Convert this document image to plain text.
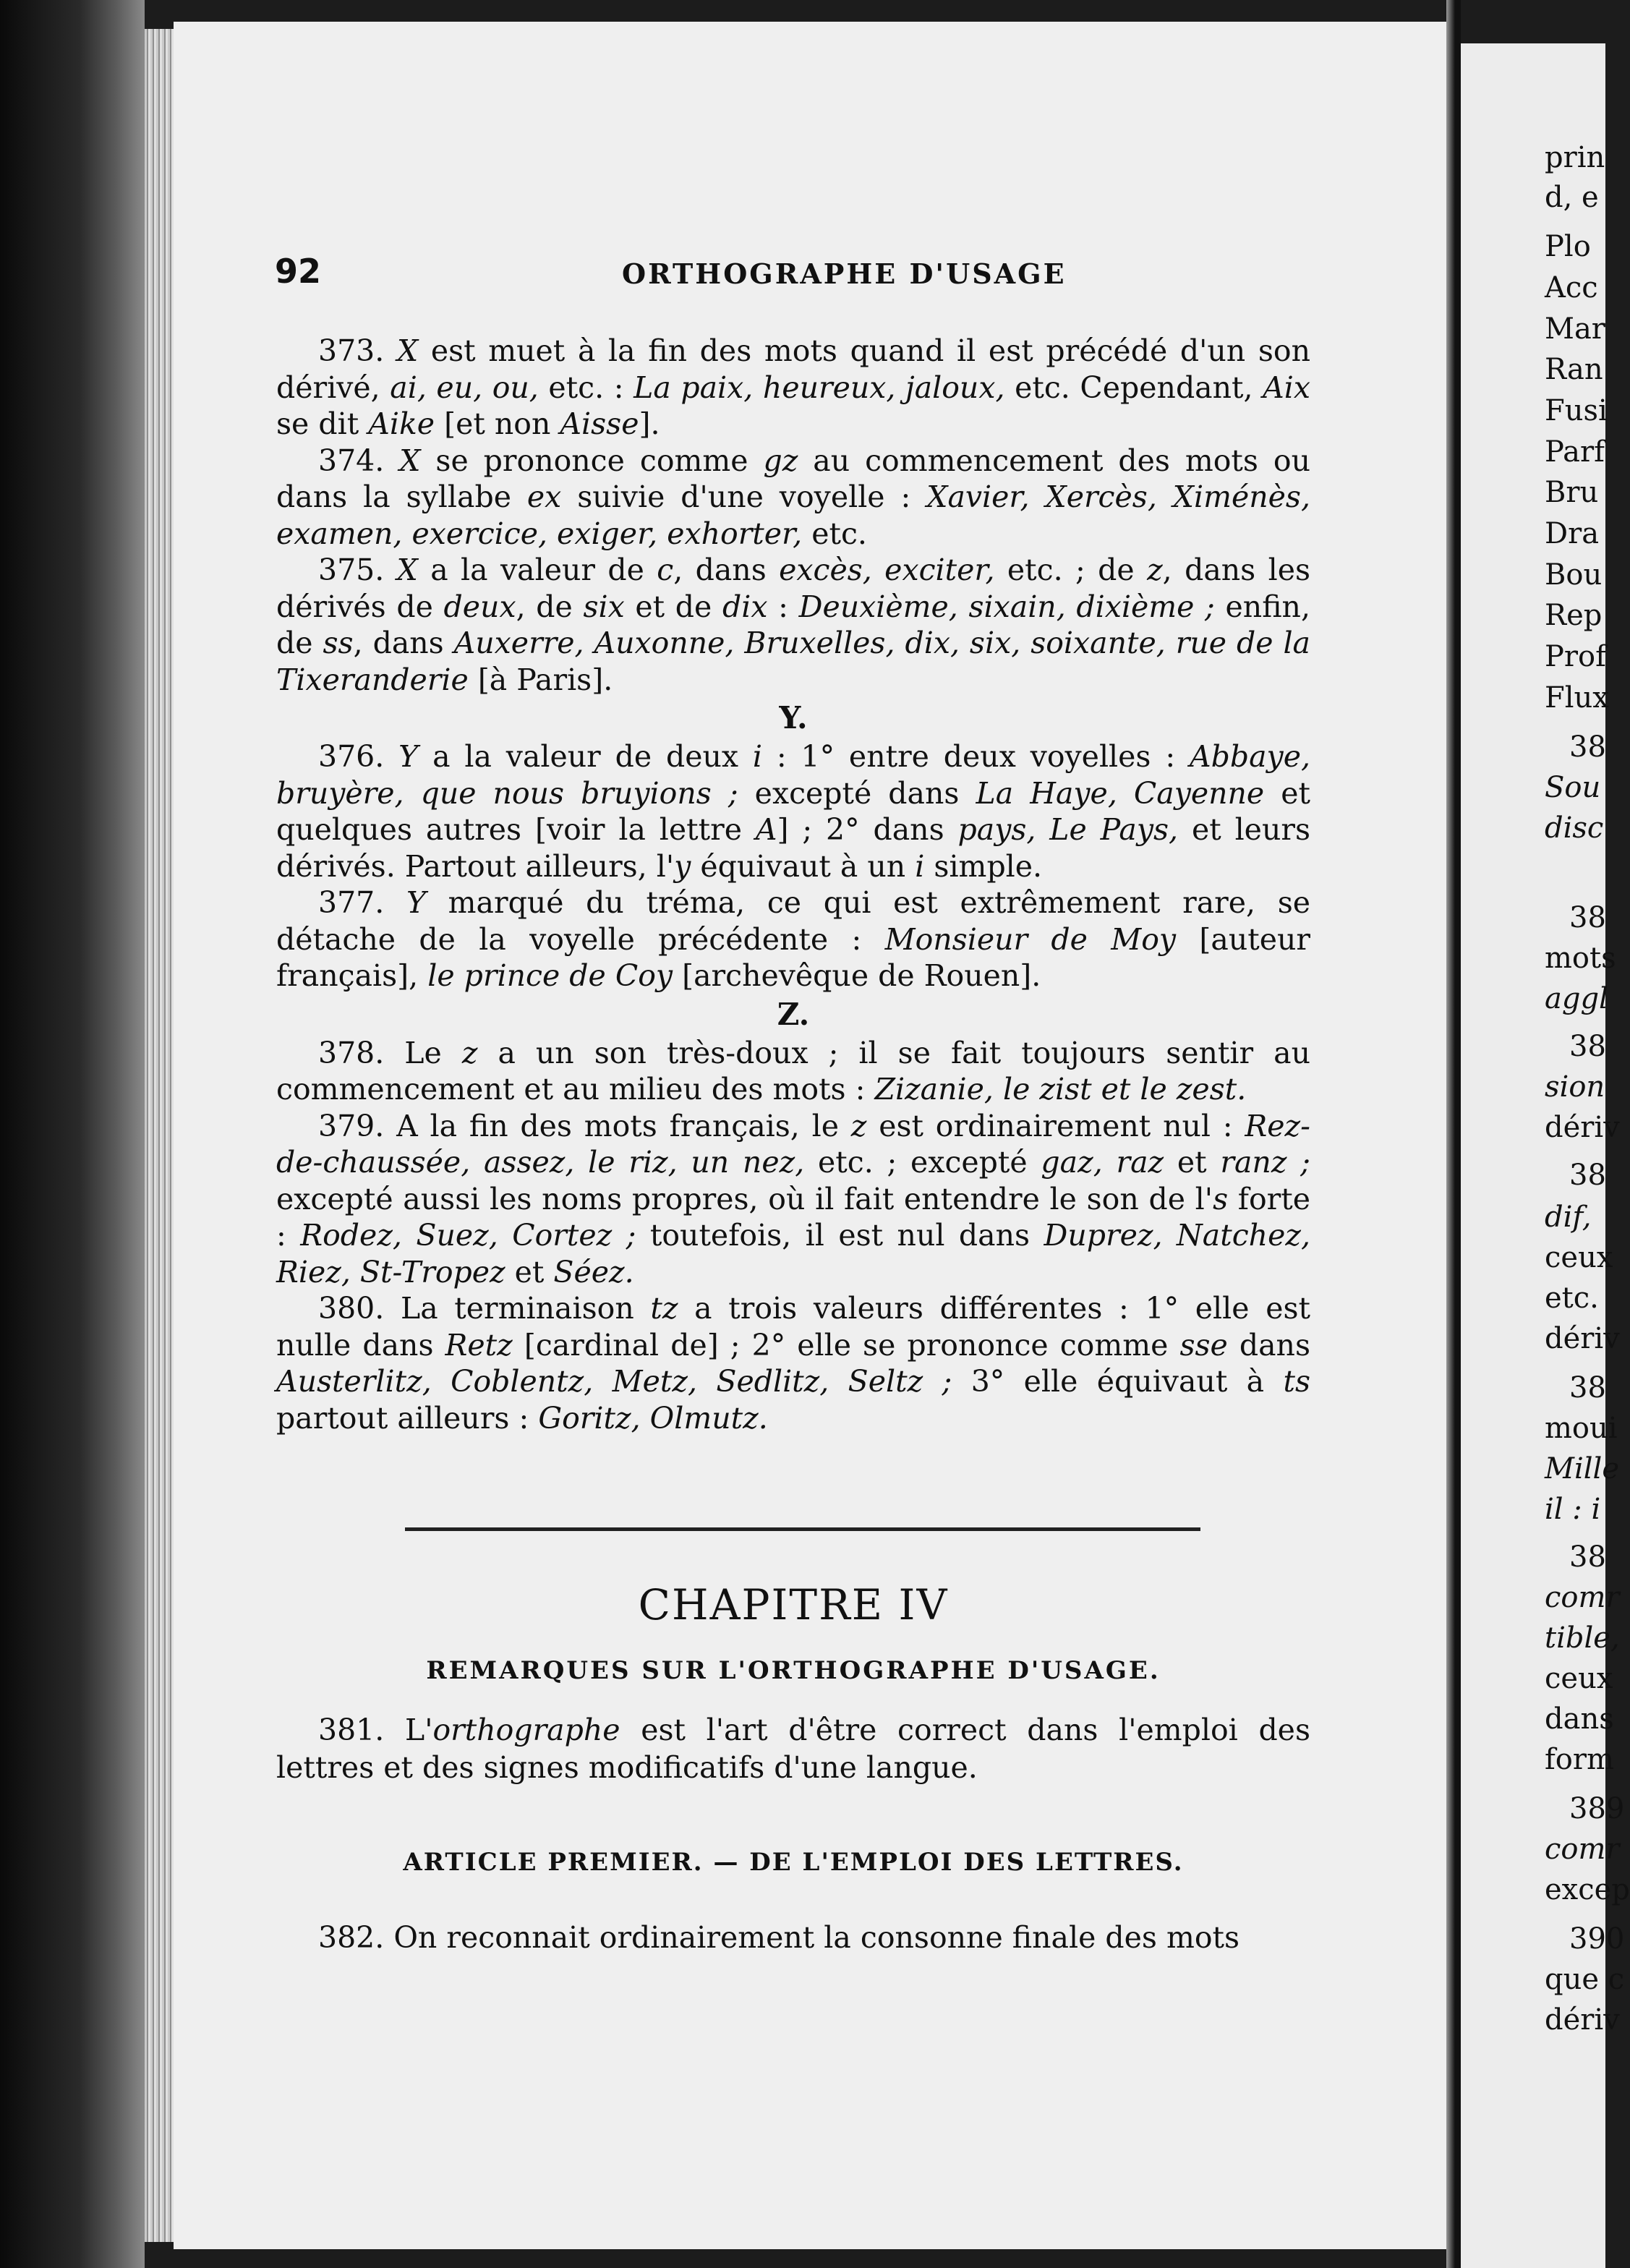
92	ORTHOGRAPHE D'USAGE

373. X est muet à la fin des mots quand il est précédé d'un son dérivé, ai, eu, ou, etc. : La paix, heureux, jaloux, etc. Cependant, Aix se dit Aike [et non Aisse].

374. X se prononce comme gz au commencement des mots ou dans la syllabe ex suivie d'une voyelle : Xavier, Xercès, Ximénès, examen, exercice, exiger, exhorter, etc.

375. X a la valeur de c, dans excès, exciter, etc. ; de z, dans les dérivés de deux, de six et de dix : Deuxième, sixain, dixième ; enfin, de ss, dans Auxerre, Auxonne, Bruxelles, dix, six, soixante, rue de la Tixeranderie [à Paris].

Y.

376. Y a la valeur de deux i : 1° entre deux voyelles : Abbaye, bruyère, que nous bruyions ; excepté dans La Haye, Cayenne et quelques autres [voir la lettre A] ; 2° dans pays, Le Pays, et leurs dérivés. Partout ailleurs, l'y équivaut à un i simple.

377. Y marqué du tréma, ce qui est extrêmement rare, se détache de la voyelle précédente : Monsieur de Moy [auteur français], le prince de Coy [archevêque de Rouen].

Z.

378. Le z a un son très-doux ; il se fait toujours sentir au commencement et au milieu des mots : Zizanie, le zist et le zest.

379. A la fin des mots français, le z est ordinairement nul : Rez-de-chaussée, assez, le riz, un nez, etc. ; excepté gaz, raz et ranz ; excepté aussi les noms propres, où il fait entendre le son de l's forte : Rodez, Suez, Cortez ; toutefois, il est nul dans Duprez, Natchez, Riez, St-Tropez et Séez.

380. La terminaison tz a trois valeurs différentes : 1° elle est nulle dans Retz [cardinal de] ; 2° elle se prononce comme sse dans Austerlitz, Coblentz, Metz, Sedlitz, Seltz ; 3° elle équivaut à ts partout ailleurs : Goritz, Olmutz.

CHAPITRE IV
REMARQUES SUR L'ORTHOGRAPHE D'USAGE.

381. L'orthographe est l'art d'être correct dans l'emploi des lettres et des signes modificatifs d'une langue.

ARTICLE PREMIER. — DE L'EMPLOI DES LETTRES.

382. On reconnait ordinairement la consonne finale des mots

prin
d, e
Plo
Acc
Mar
Ran
Fusi
Parf
Bru
Dra
Bou
Rep
Prof
Flux
38
Sou
disc
38
mots
aggl
38
sion
dériv
38
dif,
ceux
etc.
dériv
38
moui
Mille
il : i
38
comr
tible,
ceux
dans
form
389
comr
excep
390
que c
dériv
